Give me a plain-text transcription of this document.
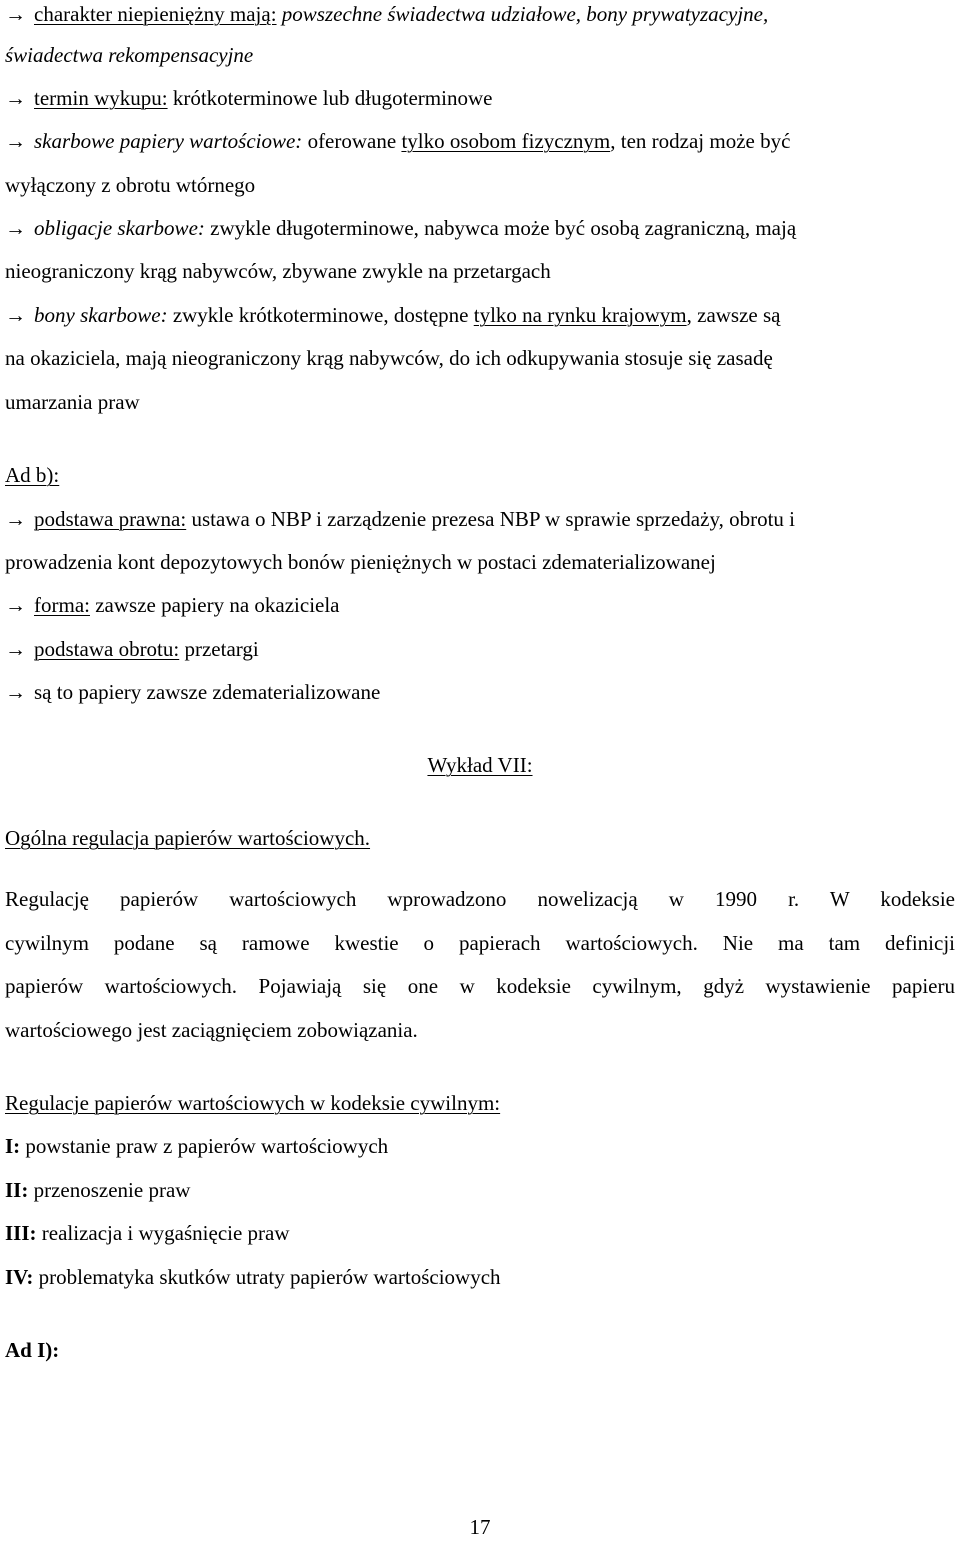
→ charakter niepieniężny mają: powszechne świadectwa udziałowe, bony prywatyzacyjne,
świadectwa rekompensacyjne
→ termin wykupu: krótkoterminowe lub długoterminowe
→ skarbowe papiery wartościowe: oferowane tylko osobom fizycznym, ten rodzaj może być
wyłączony z obrotu wtórnego
→ obligacje skarbowe: zwykle długoterminowe, nabywca może być osobą zagraniczną, mają
nieograniczony krąg nabywców, zbywane zwykle na przetargach
→ bony skarbowe: zwykle krótkoterminowe, dostępne tylko na rynku krajowym, zawsze są
na okaziciela, mają nieograniczony krąg nabywców, do ich odkupywania stosuje się zasadę
umarzania praw
Ad b):
→ podstawa prawna: ustawa o NBP i zarządzenie prezesa NBP w sprawie sprzedaży, obrotu i
prowadzenia kont depozytowych bonów pieniężnych w postaci zdematerializowanej
→ forma: zawsze papiery na okaziciela
→ podstawa obrotu: przetargi
→ są to papiery zawsze zdematerializowane
Wykład VII:
Ogólna regulacja papierów wartościowych.
Regulację papierów wartościowych wprowadzono nowelizacją w 1990 r. W kodeksie
cywilnym podane są ramowe kwestie o papierach wartościowych. Nie ma tam definicji
papierów wartościowych. Pojawiają się one w kodeksie cywilnym, gdyż wystawienie papieru
wartościowego jest zaciągnięciem zobowiązania.
Regulacje papierów wartościowych w kodeksie cywilnym:
I: powstanie praw z papierów wartościowych
II: przenoszenie praw
III: realizacja i wygaśnięcie praw
IV: problematyka skutków utraty papierów wartościowych
Ad I):
17
